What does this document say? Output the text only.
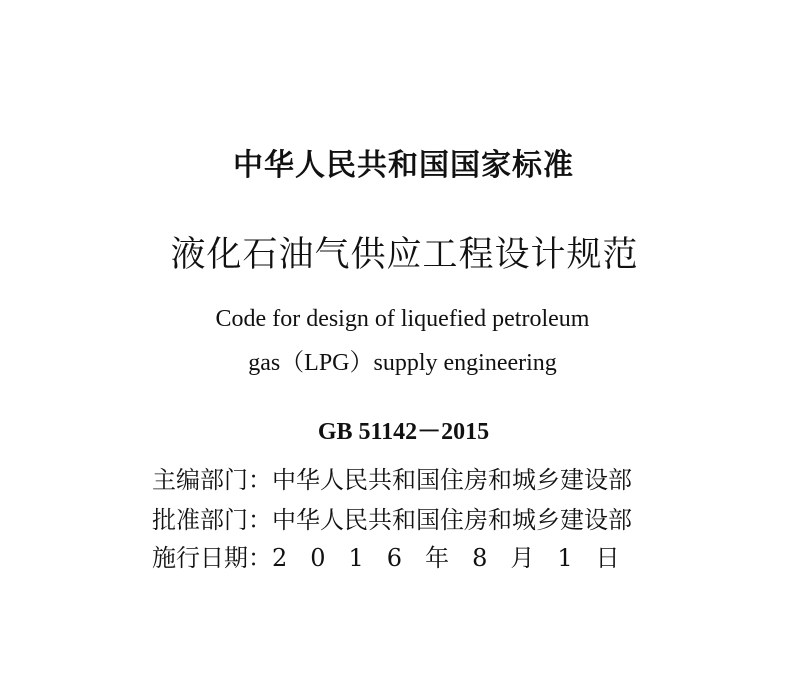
中华人民共和国国家标准
液化石油气供应工程设计规范
Code for design of liquefied petroleum
gas（LPG）supply engineering
GB 51142－2015
主编部门：中华人民共和国住房和城乡建设部
批准部门：中华人民共和国住房和城乡建设部
施行日期：2016年8月1日
